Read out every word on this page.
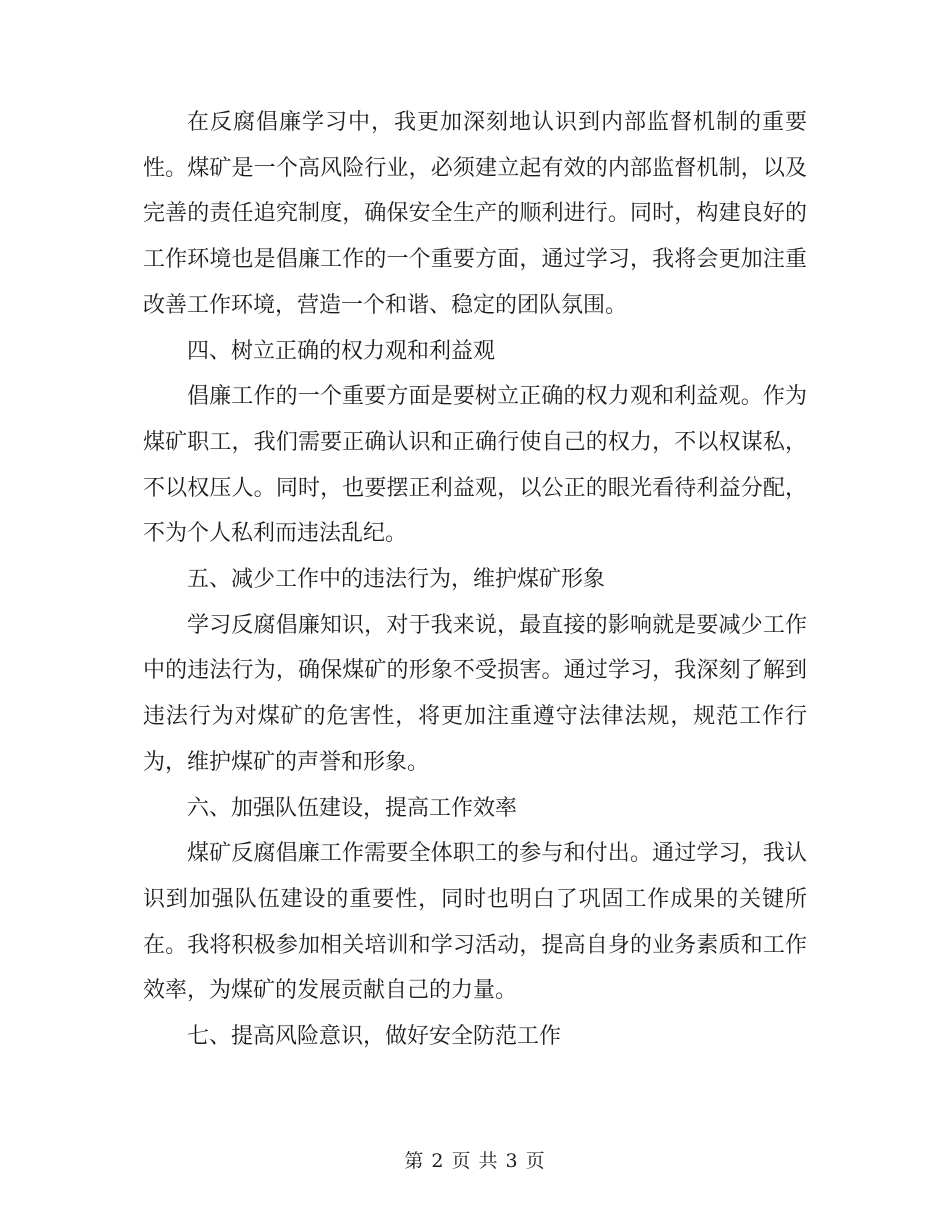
在反腐倡廉学习中，我更加深刻地认识到内部监督机制的重要性。煤矿是一个高风险行业，必须建立起有效的内部监督机制，以及完善的责任追究制度，确保安全生产的顺利进行。同时，构建良好的工作环境也是倡廉工作的一个重要方面，通过学习，我将会更加注重改善工作环境，营造一个和谐、稳定的团队氛围。

四、树立正确的权力观和利益观

倡廉工作的一个重要方面是要树立正确的权力观和利益观。作为煤矿职工，我们需要正确认识和正确行使自己的权力，不以权谋私，不以权压人。同时，也要摆正利益观，以公正的眼光看待利益分配，不为个人私利而违法乱纪。

五、减少工作中的违法行为，维护煤矿形象

学习反腐倡廉知识，对于我来说，最直接的影响就是要减少工作中的违法行为，确保煤矿的形象不受损害。通过学习，我深刻了解到违法行为对煤矿的危害性，将更加注重遵守法律法规，规范工作行为，维护煤矿的声誉和形象。

六、加强队伍建设，提高工作效率

煤矿反腐倡廉工作需要全体职工的参与和付出。通过学习，我认识到加强队伍建设的重要性，同时也明白了巩固工作成果的关键所在。我将积极参加相关培训和学习活动，提高自身的业务素质和工作效率，为煤矿的发展贡献自己的力量。

七、提高风险意识，做好安全防范工作

第 2 页 共 3 页
